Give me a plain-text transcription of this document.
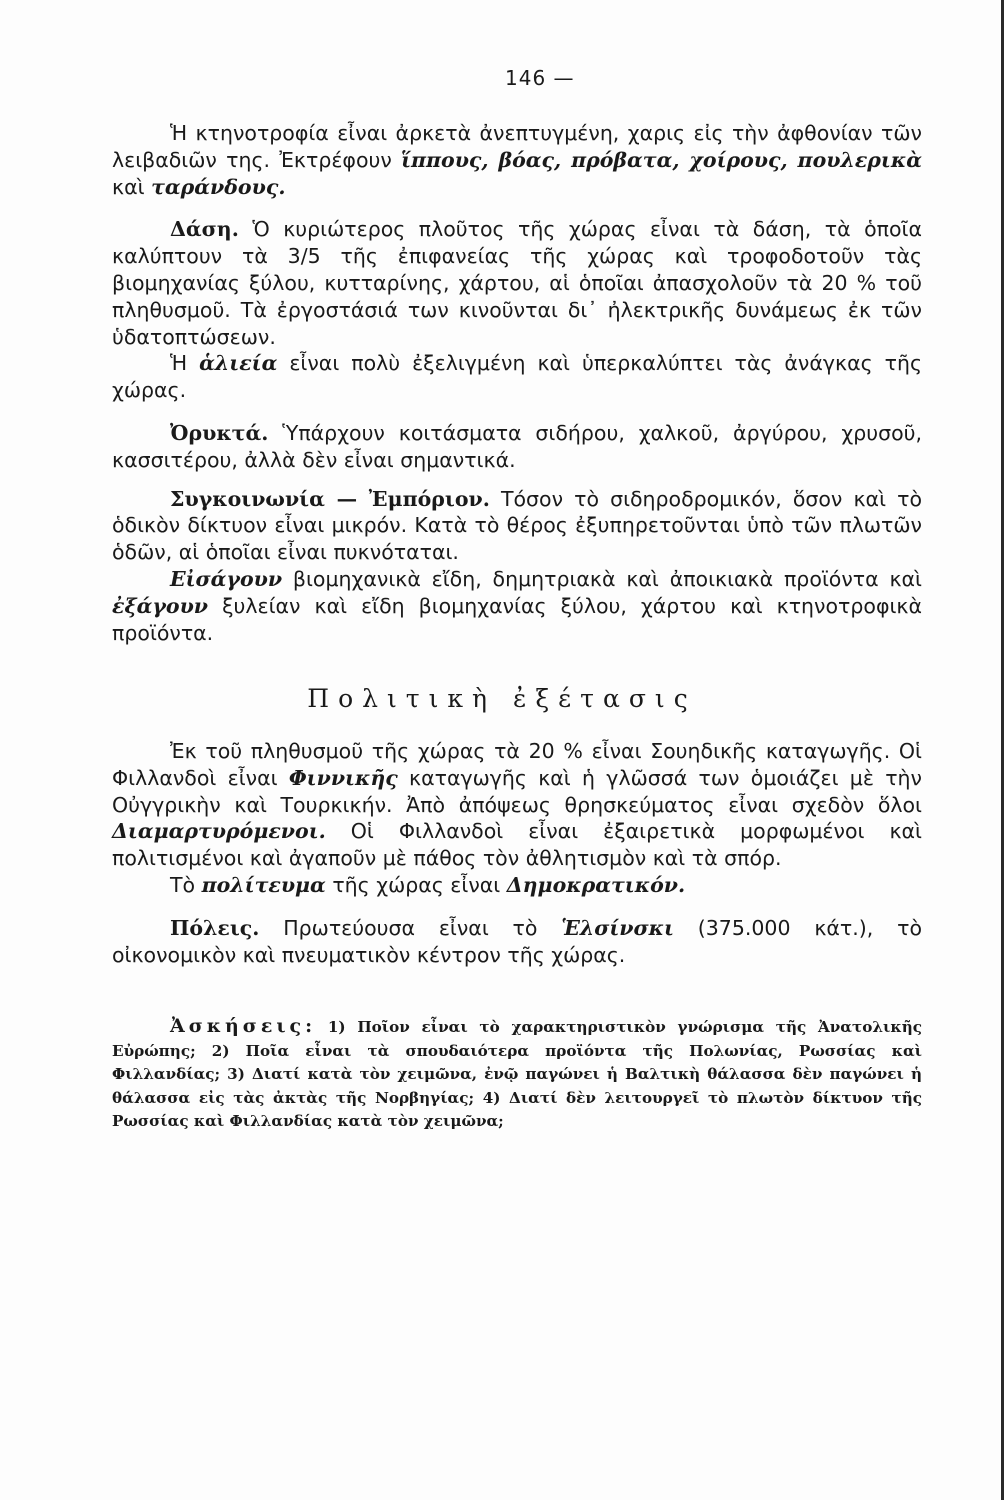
146 —

Ἡ κτηνοτροφία εἶναι ἀρκετὰ ἀνεπτυγμένη, χαρις εἰς τὴν ἀφθονίαν τῶν λειβαδιῶν της. Ἐκτρέφουν ἵππους, βόας, πρόβατα, χοίρους, πουλερικὰ καὶ ταράνδους.

Δάση. Ὁ κυριώτερος πλοῦτος τῆς χώρας εἶναι τὰ δάση, τὰ ὁποῖα καλύπτουν τὰ 3/5 τῆς ἐπιφανείας τῆς χώρας καὶ τροφοδοτοῦν τὰς βιομηχανίας ξύλου, κυτταρίνης, χάρτου, αἱ ὁποῖαι ἀπασχολοῦν τὰ 20 % τοῦ πληθυσμοῦ. Τὰ ἐργοστάσιά των κινοῦνται δι᾽ ἠλεκτρικῆς δυνάμεως ἐκ τῶν ὑδατοπτώσεων.

Ἡ ἁλιεία εἶναι πολὺ ἐξελιγμένη καὶ ὑπερκαλύπτει τὰς ἀνάγκας τῆς χώρας.

Ὀρυκτά. Ὑπάρχουν κοιτάσματα σιδήρου, χαλκοῦ, ἀργύρου, χρυσοῦ, κασσιτέρου, ἀλλὰ δὲν εἶναι σημαντικά.

Συγκοινωνία — Ἐμπόριον. Τόσον τὸ σιδηροδρομικόν, ὅσον καὶ τὸ ὁδικὸν δίκτυον εἶναι μικρόν. Κατὰ τὸ θέρος ἐξυπηρετοῦνται ὑπὸ τῶν πλωτῶν ὁδῶν, αἱ ὁποῖαι εἶναι πυκνόταται.

Εἰσάγουν βιομηχανικὰ εἴδη, δημητριακὰ καὶ ἀποικιακὰ προϊόντα καὶ ἐξάγουν ξυλείαν καὶ εἴδη βιομηχανίας ξύλου, χάρτου καὶ κτηνοτροφικὰ προϊόντα.

Πολιτικὴ ἐξέτασις

Ἐκ τοῦ πληθυσμοῦ τῆς χώρας τὰ 20 % εἶναι Σουηδικῆς καταγωγῆς. Οἱ Φιλλανδοὶ εἶναι Φιννικῆς καταγωγῆς καὶ ἡ γλῶσσά των ὁμοιάζει μὲ τὴν Οὐγγρικὴν καὶ Τουρκικήν. Ἀπὸ ἀπόψεως θρησκεύματος εἶναι σχεδὸν ὅλοι Διαμαρτυρόμενοι. Οἱ Φιλλανδοὶ εἶναι ἐξαιρετικὰ μορφωμένοι καὶ πολιτισμένοι καὶ ἀγαποῦν μὲ πάθος τὸν ἀθλητισμὸν καὶ τὰ σπόρ.

Τὸ πολίτευμα τῆς χώρας εἶναι Δημοκρατικόν.

Πόλεις. Πρωτεύουσα εἶναι τὸ Ἑλσίνσκι (375.000 κάτ.), τὸ οἰκονομικὸν καὶ πνευματικὸν κέντρον τῆς χώρας.

Ἀσκήσεις: 1) Ποῖον εἶναι τὸ χαρακτηριστικὸν γνώρισμα τῆς Ἀνατολικῆς Εὐρώπης; 2) Ποῖα εἶναι τὰ σπουδαιότερα προϊόντα τῆς Πολωνίας, Ρωσσίας καὶ Φιλλανδίας; 3) Διατί κατὰ τὸν χειμῶνα, ἐνῷ παγώνει ἡ Βαλτικὴ θάλασσα δὲν παγώνει ἡ θάλασσα εἰς τὰς ἀκτὰς τῆς Νορβηγίας; 4) Διατί δὲν λειτουργεῖ τὸ πλωτὸν δίκτυον τῆς Ρωσσίας καὶ Φιλλανδίας κατὰ τὸν χειμῶνα;
